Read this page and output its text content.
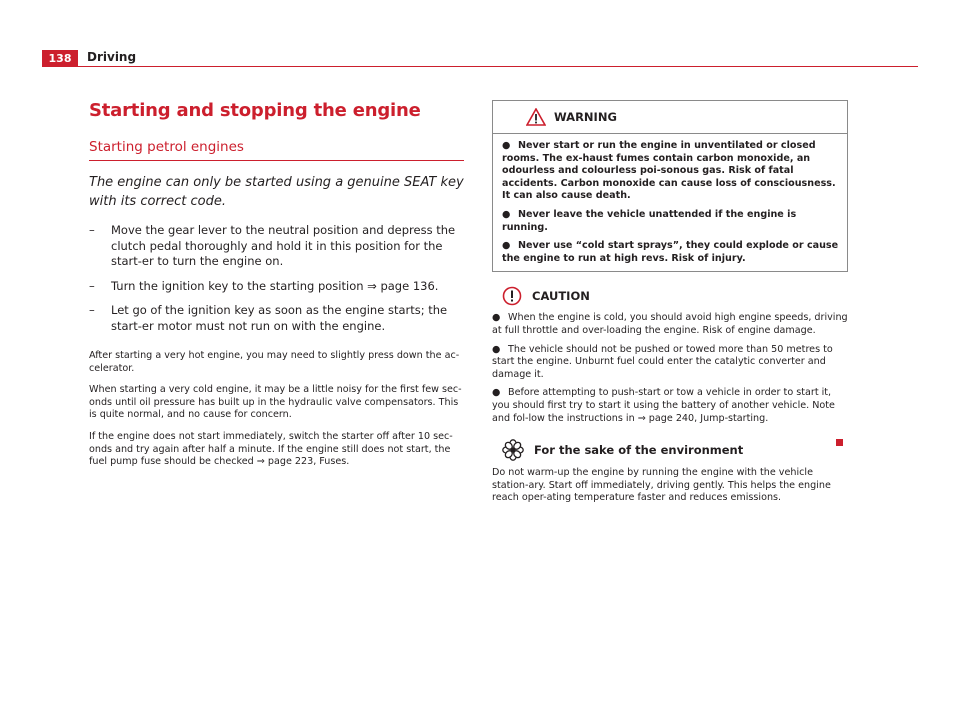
138	Driving
Starting and stopping the engine
Starting petrol engines
The engine can only be started using a genuine SEAT key with its correct code.
–	Move the gear lever to the neutral position and depress the clutch pedal thoroughly and hold it in this position for the start-er to turn the engine on.
–	Turn the ignition key to the starting position ⇒ page 136.
–	Let go of the ignition key as soon as the engine starts; the start-er motor must not run on with the engine.
After starting a very hot engine, you may need to slightly press down the ac-celerator.
When starting a very cold engine, it may be a little noisy for the first few sec-onds until oil pressure has built up in the hydraulic valve compensators. This is quite normal, and no cause for concern.
If the engine does not start immediately, switch the starter off after 10 sec-onds and try again after half a minute. If the engine still does not start, the fuel pump fuse should be checked ⇒ page 223, Fuses.
WARNING
● Never start or run the engine in unventilated or closed rooms. The ex-haust fumes contain carbon monoxide, an odourless and colourless poi-sonous gas. Risk of fatal accidents. Carbon monoxide can cause loss of consciousness. It can also cause death.
● Never leave the vehicle unattended if the engine is running.
● Never use “cold start sprays”, they could explode or cause the engine to run at high revs. Risk of injury.
CAUTION
● When the engine is cold, you should avoid high engine speeds, driving at full throttle and over-loading the engine. Risk of engine damage.
● The vehicle should not be pushed or towed more than 50 metres to start the engine. Unburnt fuel could enter the catalytic converter and damage it.
● Before attempting to push-start or tow a vehicle in order to start it, you should first try to start it using the battery of another vehicle. Note and fol-low the instructions in ⇒ page 240, Jump-starting.
For the sake of the environment
Do not warm-up the engine by running the engine with the vehicle station-ary. Start off immediately, driving gently. This helps the engine reach oper-ating temperature faster and reduces emissions.
